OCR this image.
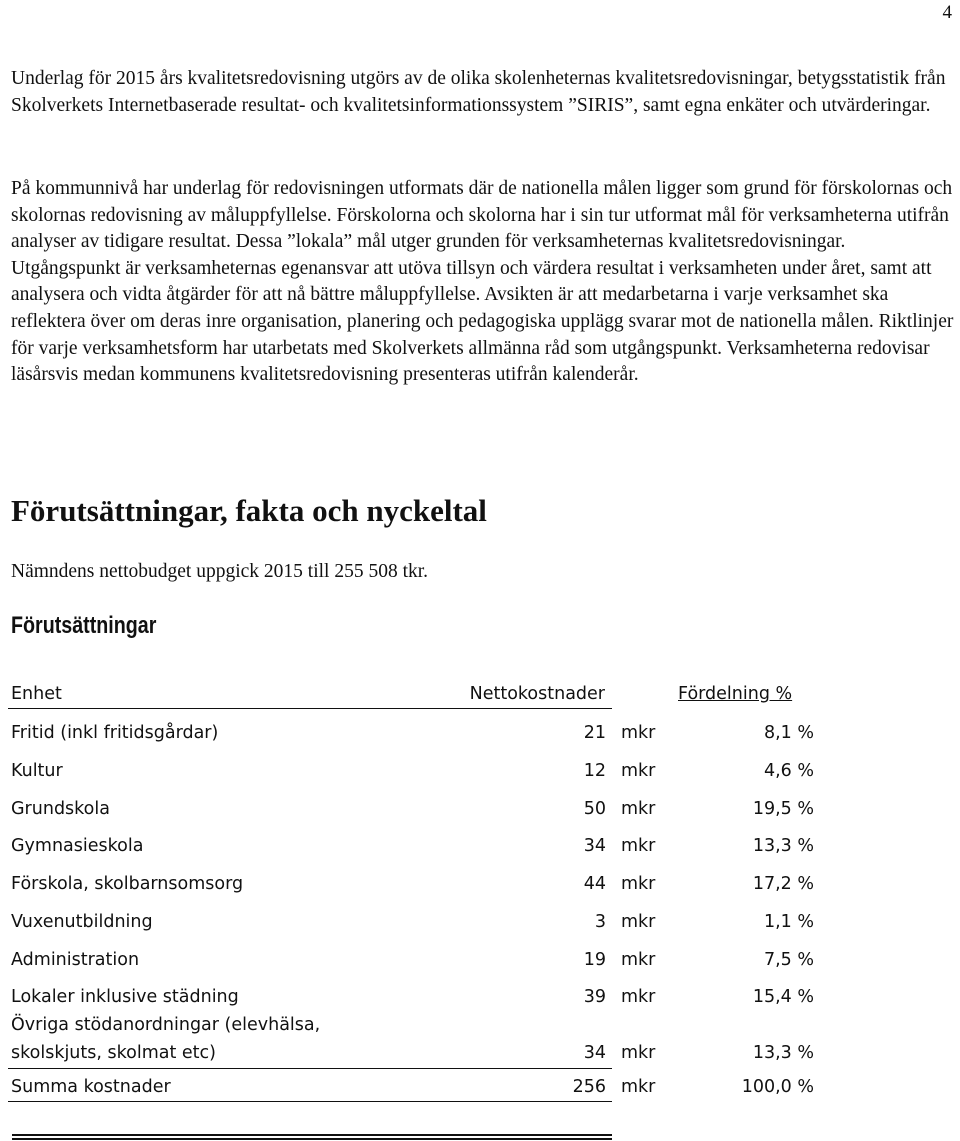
4

Underlag för 2015 års kvalitetsredovisning utgörs av de olika skolenheternas kvalitetsredovisningar, betygsstatistik från Skolverkets Internetbaserade resultat- och kvalitetsinformationssystem ”SIRIS”, samt egna enkäter och utvärderingar.

På kommunnivå har underlag för redovisningen utformats där de nationella målen ligger som grund för förskolornas och skolornas redovisning av måluppfyllelse. Förskolorna och skolorna har i sin tur utformat mål för verksamheterna utifrån analyser av tidigare resultat. Dessa ”lokala” mål utger grunden för verksamheternas kvalitetsredovisningar. Utgångspunkt är verksamheternas egenansvar att utöva tillsyn och värdera resultat i verksamheten under året, samt att analysera och vidta åtgärder för att nå bättre måluppfyllelse. Avsikten är att medarbetarna i varje verksamhet ska reflektera över om deras inre organisation, planering och pedagogiska upplägg svarar mot de nationella målen. Riktlinjer för varje verksamhetsform har utarbetats med Skolverkets allmänna råd som utgångspunkt. Verksamheterna redovisar läsårsvis medan kommunens kvalitetsredovisning presenteras utifrån kalenderår.

Förutsättningar, fakta och nyckeltal

Nämndens nettobudget uppgick 2015 till 255 508 tkr.

Förutsättningar
Enhet	Nettokostnader	Fördelning %
Fritid (inkl fritidsgårdar)	21 mkr	8,1 %
Kultur	12 mkr	4,6 %
Grundskola	50 mkr	19,5 %
Gymnasieskola	34 mkr	13,3 %
Förskola, skolbarnsomsorg	44 mkr	17,2 %
Vuxenutbildning	3 mkr	1,1 %
Administration	19 mkr	7,5 %
Lokaler inklusive städning	39 mkr	15,4 %
Övriga stödanordningar (elevhälsa,
skolskjuts, skolmat etc)	34 mkr	13,3 %
Summa kostnader	256 mkr	100,0 %
